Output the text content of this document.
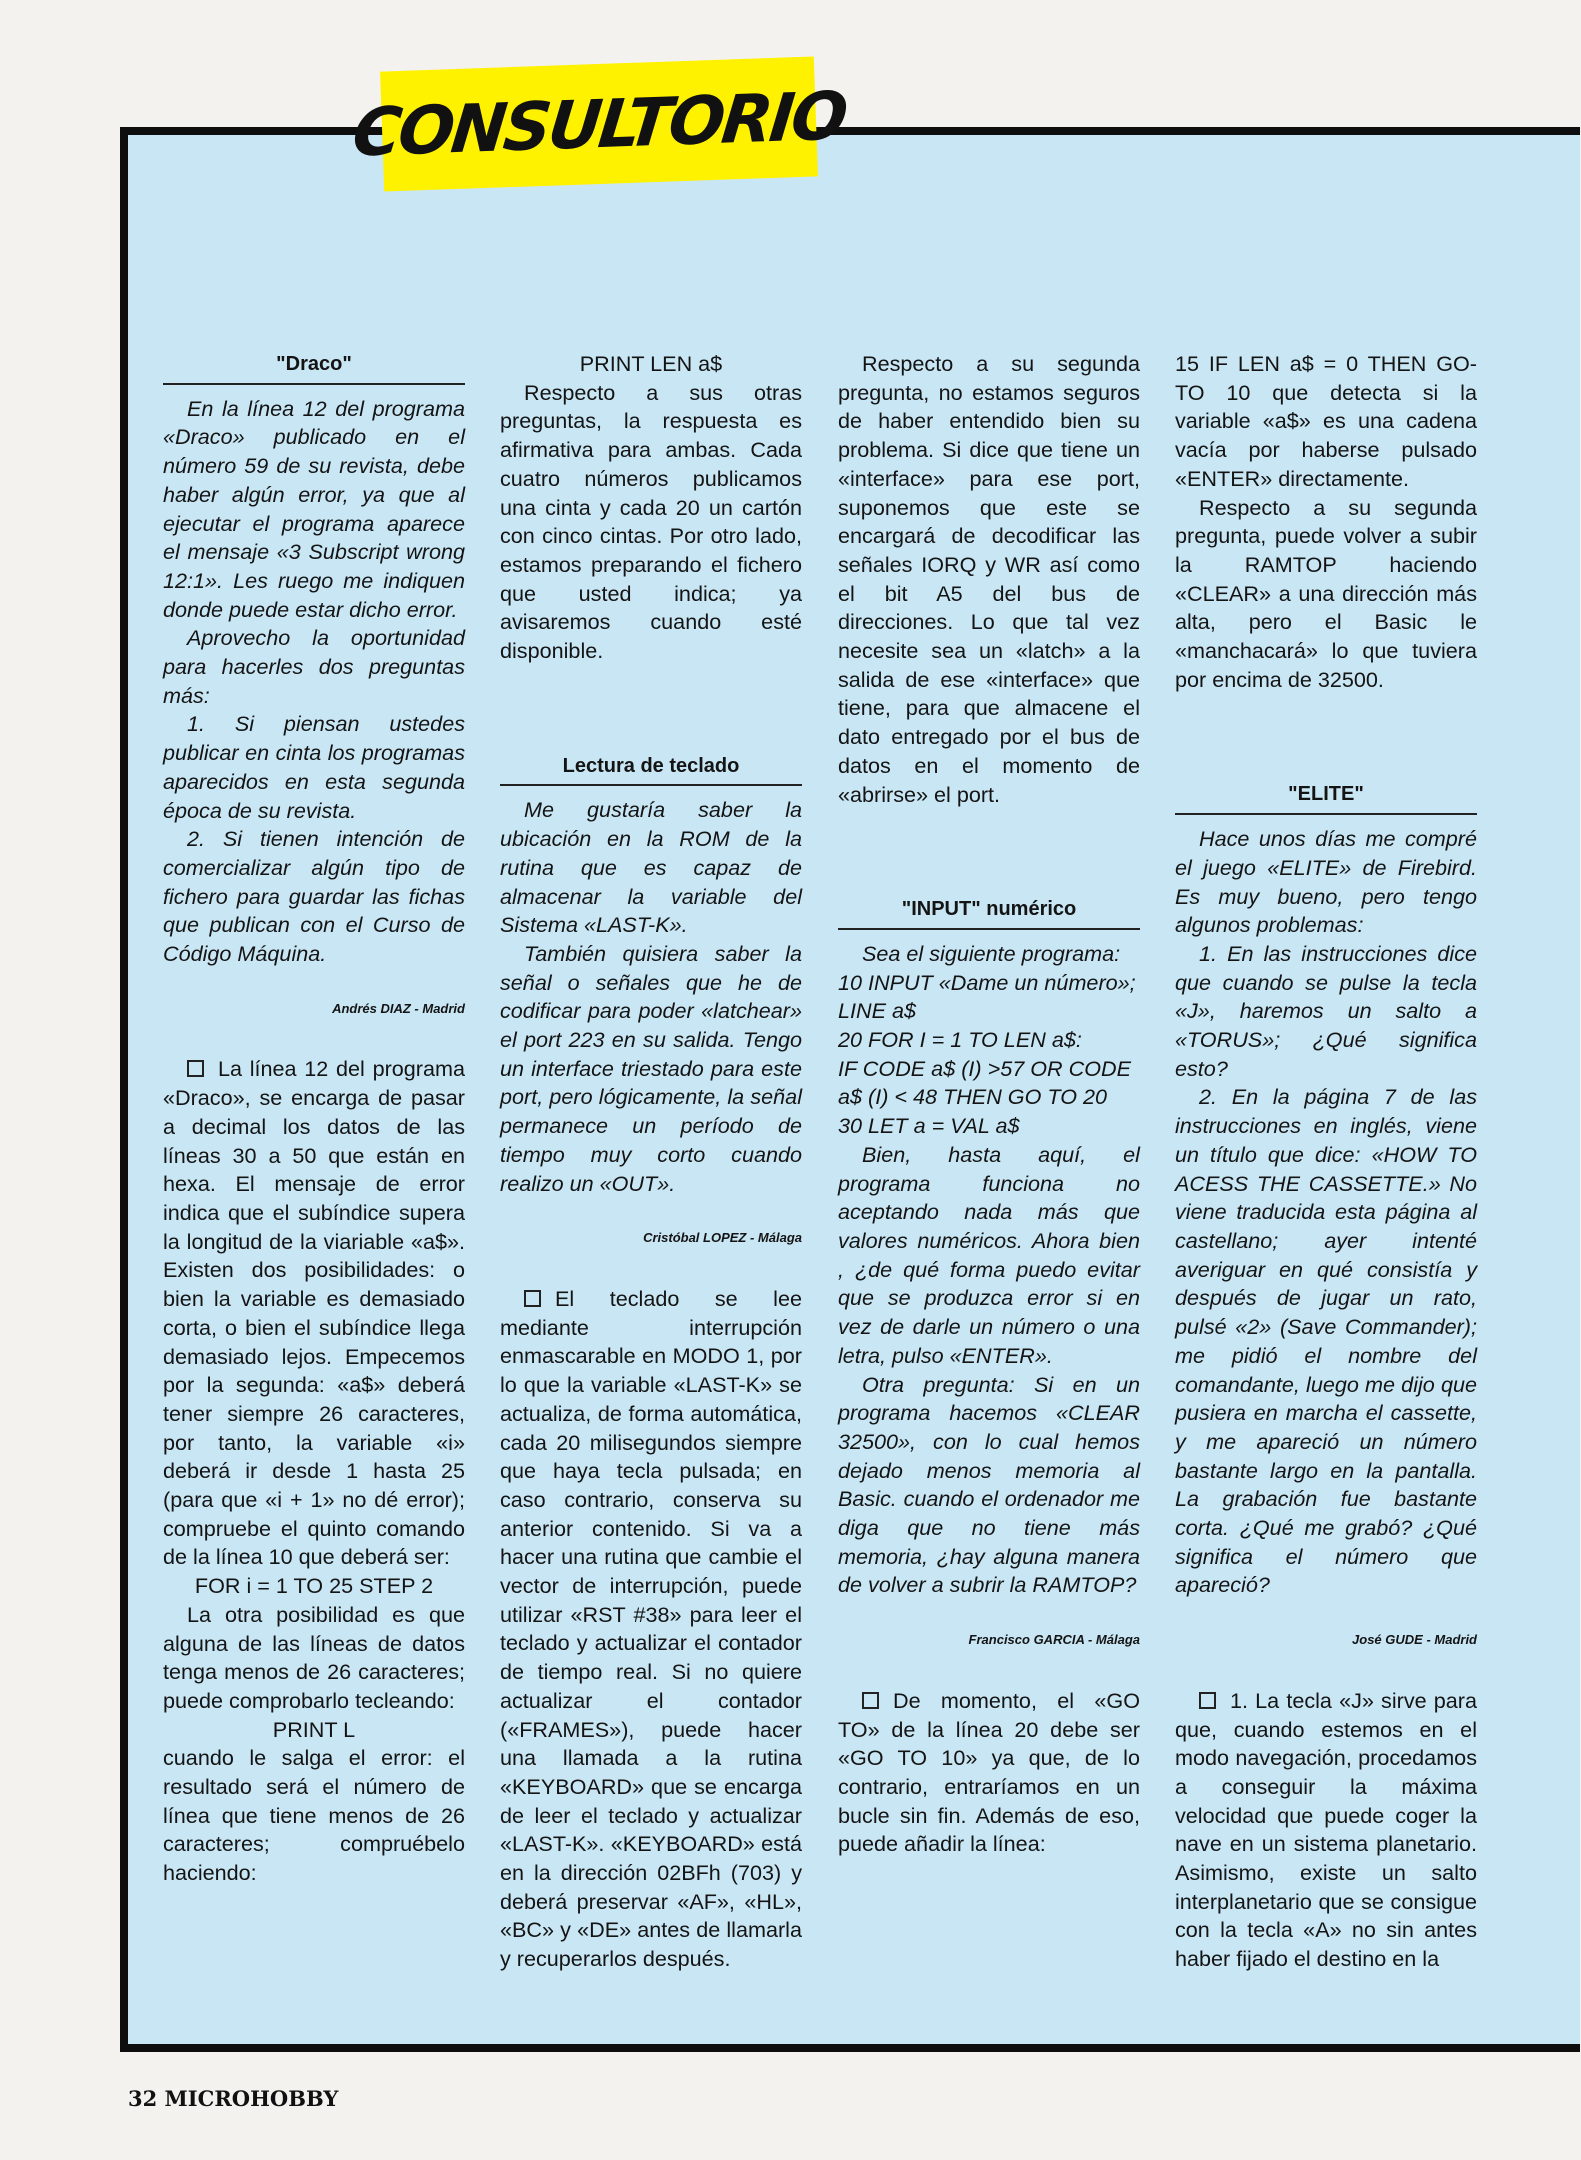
CONSULTORIO
"Draco"

En la línea 12 del programa «Draco» publicado en el número 59 de su revista, debe haber algún error, ya que al ejecutar el programa aparece el mensaje «3 Subscript wrong 12:1». Les ruego me indiquen donde puede estar dicho error.

Aprovecho la oportunidad para hacerles dos preguntas más:

1. Si piensan ustedes publicar en cinta los programas aparecidos en esta segunda época de su revista.

2. Si tienen intención de comercializar algún tipo de fichero para guardar las fichas que publican con el Curso de Código Máquina.

Andrés DIAZ - Madrid

La línea 12 del programa «Draco», se encarga de pasar a decimal los datos de las líneas 30 a 50 que están en hexa. El mensaje de error indica que el subíndice supera la longitud de la viariable «a$». Existen dos posibilidades: o bien la variable es demasiado corta, o bien el subíndice llega demasiado lejos. Empecemos por la segunda: «a$» deberá tener siempre 26 caracteres, por tanto, la variable «i» deberá ir desde 1 hasta 25 (para que «i + 1» no dé error); compruebe el quinto comando de la línea 10 que deberá ser:

FOR i = 1 TO 25 STEP 2

La otra posibilidad es que alguna de las líneas de datos tenga menos de 26 caracteres; puede comprobarlo tecleando:

PRINT L

cuando le salga el error: el resultado será el número de línea que tiene menos de 26 caracteres; compruébelo haciendo:

PRINT LEN a$

Respecto a sus otras preguntas, la respuesta es afirmativa para ambas. Cada cuatro números publicamos una cinta y cada 20 un cartón con cinco cintas. Por otro lado, estamos preparando el fichero que usted indica; ya avisaremos cuando esté disponible.

Lectura de teclado

Me gustaría saber la ubicación en la ROM de la rutina que es capaz de almacenar la variable del Sistema «LAST-K».

También quisiera saber la señal o señales que he de codificar para poder «latchear» el port 223 en su salida. Tengo un interface triestado para este port, pero lógicamente, la señal permanece un período de tiempo muy corto cuando realizo un «OUT».

Cristóbal LOPEZ - Málaga

El teclado se lee mediante interrupción enmascarable en MODO 1, por lo que la variable «LAST-K» se actualiza, de forma automática, cada 20 milisegundos siempre que haya tecla pulsada; en caso contrario, conserva su anterior contenido. Si va a hacer una rutina que cambie el vector de interrupción, puede utilizar «RST #38» para leer el teclado y actualizar el contador de tiempo real. Si no quiere actualizar el contador («FRAMES»), puede hacer una llamada a la rutina «KEYBOARD» que se encarga de leer el teclado y actualizar «LAST-K». «KEYBOARD» está en la dirección 02BFh (703) y deberá preservar «AF», «HL», «BC» y «DE» antes de llamarla y recuperarlos después.

Respecto a su segunda pregunta, no estamos seguros de haber entendido bien su problema. Si dice que tiene un «interface» para ese port, suponemos que este se encargará de decodificar las señales IORQ y WR así como el bit A5 del bus de direcciones. Lo que tal vez necesite sea un «latch» a la salida de ese «interface» que tiene, para que almacene el dato entregado por el bus de datos en el momento de «abrirse» el port.

"INPUT" numérico

Sea el siguiente programa:

10 INPUT «Dame un número»; LINE a$

20 FOR I = 1 TO LEN a$:

IF CODE a$ (I) >57 OR CODE a$ (I) < 48 THEN GO TO 20

30 LET a = VAL a$

Bien, hasta aquí, el programa funciona no aceptando nada más que valores numéricos. Ahora bien , ¿de qué forma puedo evitar que se produzca error si en vez de darle un número o una letra, pulso «ENTER».

Otra pregunta: Si en un programa hacemos «CLEAR 32500», con lo cual hemos dejado menos memoria al Basic. cuando el ordenador me diga que no tiene más memoria, ¿hay alguna manera de volver a subrir la RAMTOP?

Francisco GARCIA - Málaga

De momento, el «GO TO» de la línea 20 debe ser «GO TO 10» ya que, de lo contrario, entraríamos en un bucle sin fin. Además de eso, puede añadir la línea:

15 IF LEN a$ = 0 THEN GO-TO 10 que detecta si la variable «a$» es una cadena vacía por haberse pulsado «ENTER» directamente.

Respecto a su segunda pregunta, puede volver a subir la RAMTOP haciendo «CLEAR» a una dirección más alta, pero el Basic le «manchacará» lo que tuviera por encima de 32500.

"ELITE"

Hace unos días me compré el juego «ELITE» de Firebird. Es muy bueno, pero tengo algunos problemas:

1. En las instrucciones dice que cuando se pulse la tecla «J», haremos un salto a «TORUS»; ¿Qué significa esto?

2. En la página 7 de las instrucciones en inglés, viene un título que dice: «HOW TO ACESS THE CASSETTE.» No viene traducida esta página al castellano; ayer intenté averiguar en qué consistía y después de jugar un rato, pulsé «2» (Save Commander); me pidió el nombre del comandante, luego me dijo que pusiera en marcha el cassette, y me apareció un número bastante largo en la pantalla. La grabación fue bastante corta. ¿Qué me grabó? ¿Qué significa el número que apareció?

José GUDE - Madrid

1. La tecla «J» sirve para que, cuando estemos en el modo navegación, procedamos a conseguir la máxima velocidad que puede coger la nave en un sistema planetario. Asimismo, existe un salto interplanetario que se consigue con la tecla «A» no sin antes haber fijado el destino en la

32 MICROHOBBY
